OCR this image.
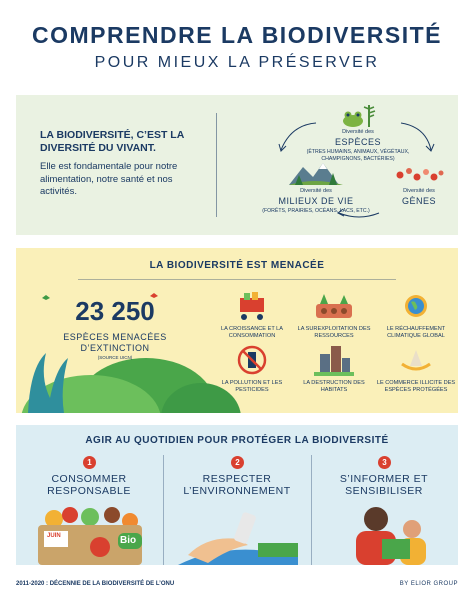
COMPRENDRE LA BIODIVERSITÉ
POUR MIEUX LA PRÉSERVER
LA BIODIVERSITÉ, C’EST LA DIVERSITÉ DU VIVANT.
Elle est fondamentale pour notre alimentation, notre santé et nos activités.
Diversité des
ESPÈCES
(ÊTRES HUMAINS, ANIMAUX, VÉGÉTAUX, CHAMPIGNONS, BACTÉRIES)
Diversité des
MILIEUX DE VIE
(FORÊTS, PRAIRIES, OCÉANS, LACS, ETC.)
Diversité des
GÈNES
LA BIODIVERSITÉ EST MENACÉE
23 250
ESPÈCES MENACÉES D’EXTINCTION
(SOURCE UICN)
LA CROISSANCE ET LA CONSOMMATION
LA SUREXPLOITATION DES RESSOURCES
LE RÉCHAUFFEMENT CLIMATIQUE GLOBAL
LA POLLUTION ET LES PESTICIDES
LA DESTRUCTION DES HABITATS
LE COMMERCE ILLICITE DES ESPÈCES PROTÉGÉES
AGIR AU QUOTIDIEN POUR PROTÉGER LA BIODIVERSITÉ
1
CONSOMMER RESPONSABLE
2
RESPECTER L’ENVIRONNEMENT
3
S’INFORMER ET SENSIBILISER
JUIN	Bio
2011-2020 : DÉCENNIE DE LA BIODIVERSITÉ DE L’ONU	BY ELIOR GROUP
